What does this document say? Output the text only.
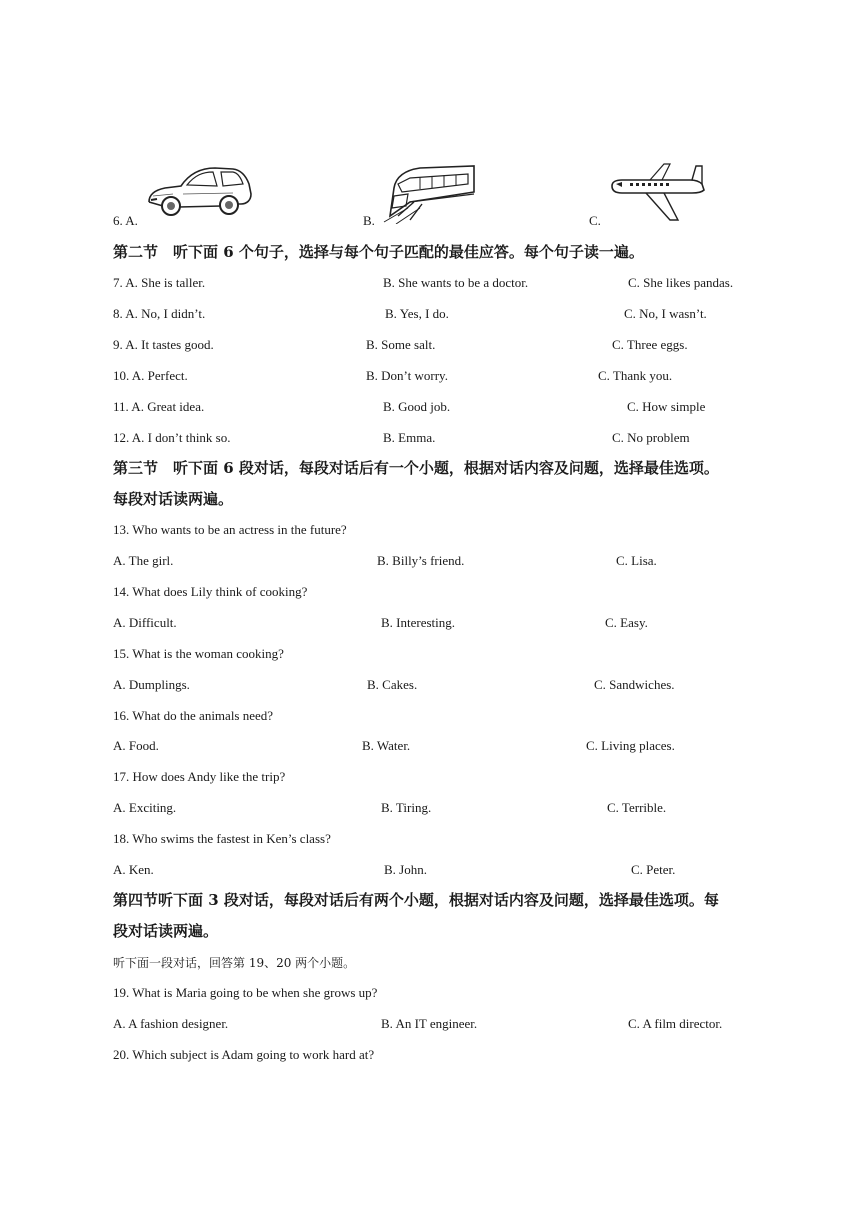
6. A.	B.	C.
第二节　听下面 6 个句子，选择与每个句子匹配的最佳应答。每个句子读一遍。
7. A. She is taller.	B. She wants to be a doctor.	C. She likes pandas.
8. A. No, I didn’t.	B. Yes, I do.	C. No, I wasn’t.
9. A. It tastes good.	B. Some salt.	C. Three eggs.
10. A. Perfect.	B. Don’t worry.	C. Thank you.
11. A. Great idea.	B. Good job.	C. How simple
12. A. I don’t think so.	B. Emma.	C. No problem
第三节　听下面 6 段对话，每段对话后有一个小题，根据对话内容及问题，选择最佳选项。
每段对话读两遍。
13. Who wants to be an actress in the future?
A. The girl.	B. Billy’s friend.	C. Lisa.
14. What does Lily think of cooking?
A. Difficult.	B. Interesting.	C. Easy.
15. What is the woman cooking?
A. Dumplings.	B. Cakes.	C. Sandwiches.
16. What do the animals need?
A. Food.	B. Water.	C. Living places.
17. How does Andy like the trip?
A. Exciting.	B. Tiring.	C. Terrible.
18. Who swims the fastest in Ken’s class?
A. Ken.	B. John.	C. Peter.
第四节听下面 3 段对话，每段对话后有两个小题，根据对话内容及问题，选择最佳选项。每
段对话读两遍。
听下面一段对话，回答第 19、20 两个小题。
19. What is Maria going to be when she grows up?
A. A fashion designer.	B. An IT engineer.	C. A film director.
20. Which subject is Adam going to work hard at?
